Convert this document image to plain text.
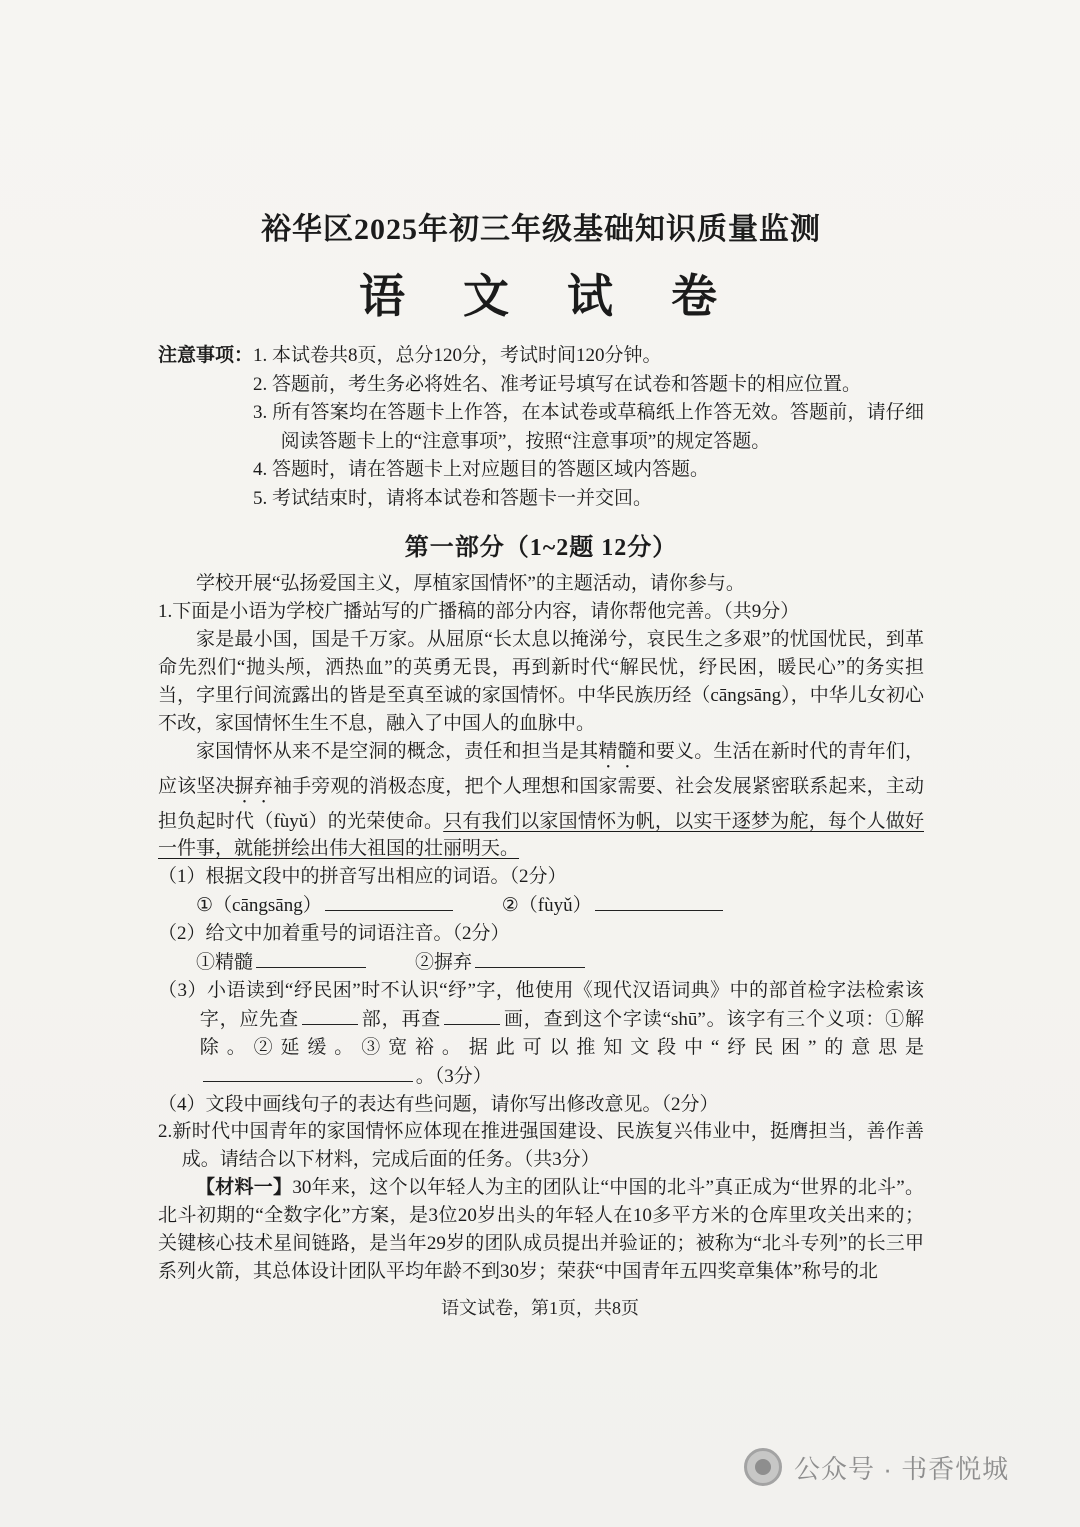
裕华区2025年初三年级基础知识质量监测
语　文　试　卷
注意事项： 1. 本试卷共8页，总分120分，考试时间120分钟。

2. 答题前，考生务必将姓名、准考证号填写在试卷和答题卡的相应位置。

3. 所有答案均在答题卡上作答，在本试卷或草稿纸上作答无效。答题前，请仔细阅读答题卡上的“注意事项”，按照“注意事项”的规定答题。

4. 答题时，请在答题卡上对应题目的答题区域内答题。

5. 考试结束时，请将本试卷和答题卡一并交回。

第一部分（1~2题 12分）

学校开展“弘扬爱国主义，厚植家国情怀”的主题活动，请你参与。

1.下面是小语为学校广播站写的广播稿的部分内容，请你帮他完善。（共9分）

家是最小国，国是千万家。从屈原“长太息以掩涕兮，哀民生之多艰”的忧国忧民，到革命先烈们“抛头颅，洒热血”的英勇无畏，再到新时代“解民忧，纾民困，暖民心”的务实担当，字里行间流露出的皆是至真至诚的家国情怀。中华民族历经（cāngsāng），中华儿女初心不改，家国情怀生生不息，融入了中国人的血脉中。

家国情怀从来不是空洞的概念，责任和担当是其精髓和要义。生活在新时代的青年们，应该坚决摒弃袖手旁观的消极态度，把个人理想和国家需要、社会发展紧密联系起来，主动担负起时代（fùyǔ）的光荣使命。只有我们以家国情怀为帆，以实干逐梦为舵，每个人做好一件事，就能拼绘出伟大祖国的壮丽明天。

（1）根据文段中的拼音写出相应的词语。（2分）

①（cāngsāng）	②（fùyǔ）

（2）给文中加着重号的词语注音。（2分）

①精髓	②摒弃

（3）小语读到“纾民困”时不认识“纾”字，他使用《现代汉语词典》中的部首检字法检索该字，应先查	部，再查	画，查到这个字读“shū”。该字有三个义项：①解除。②延缓。③宽裕。据此可以推知文段中“纾民困”的意思是。（3分）

（4）文段中画线句子的表达有些问题，请你写出修改意见。（2分）

2.新时代中国青年的家国情怀应体现在推进强国建设、民族复兴伟业中，挺膺担当，善作善成。请结合以下材料，完成后面的任务。（共3分）

【材料一】30年来，这个以年轻人为主的团队让“中国的北斗”真正成为“世界的北斗”。北斗初期的“全数字化”方案，是3位20岁出头的年轻人在10多平方米的仓库里攻关出来的；关键核心技术星间链路，是当年29岁的团队成员提出并验证的；被称为“北斗专列”的长三甲系列火箭，其总体设计团队平均年龄不到30岁；荣获“中国青年五四奖章集体”称号的北

语文试卷，第1页，共8页
公众号 · 书香悦城
